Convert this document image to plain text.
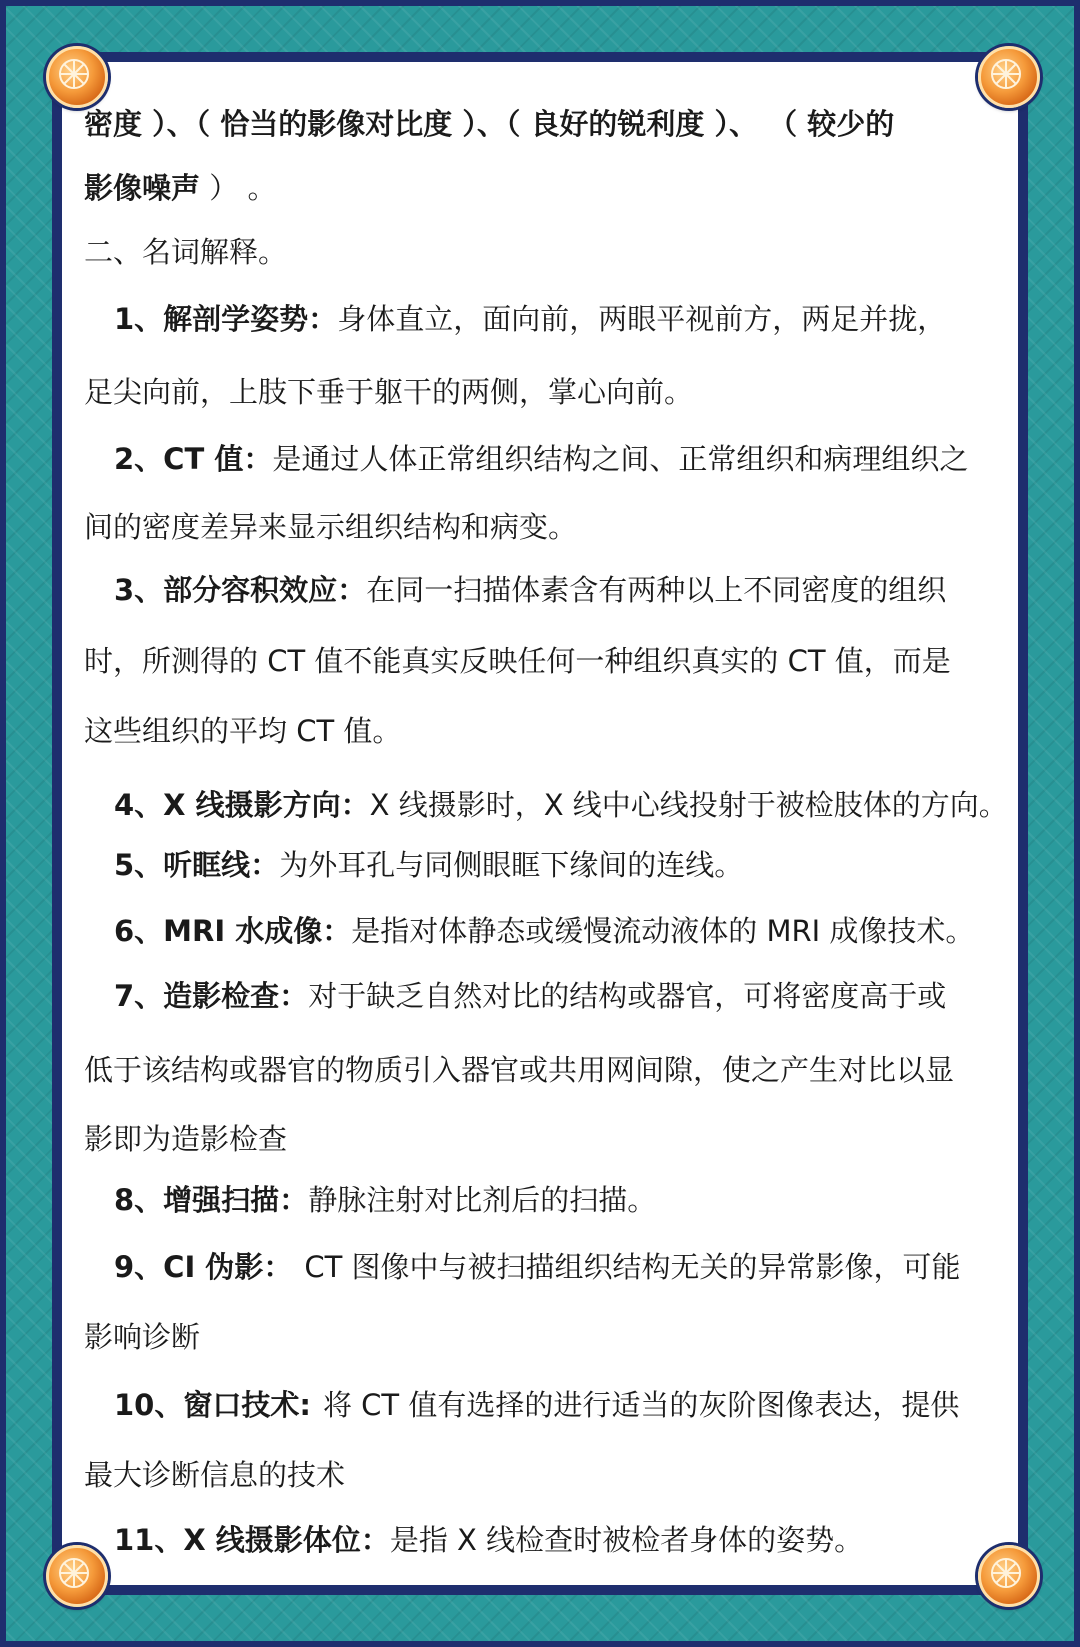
密度 ）、（ 恰当的影像对比度 ）、（ 良好的锐利度 ）、 （ 较少的

影像噪声 ） 。

二、名词解释。

1、解剖学姿势：身体直立，面向前，两眼平视前方，两足并拢，

足尖向前，上肢下垂于躯干的两侧，掌心向前。

2、CT 值：是通过人体正常组织结构之间、正常组织和病理组织之

间的密度差异来显示组织结构和病变。

3、部分容积效应：在同一扫描体素含有两种以上不同密度的组织

时，所测得的 CT 值不能真实反映任何一种组织真实的 CT 值，而是

这些组织的平均 CT 值。

4、X 线摄影方向：X 线摄影时，X 线中心线投射于被检肢体的方向。

5、听眶线：为外耳孔与同侧眼眶下缘间的连线。

6、MRI 水成像：是指对体静态或缓慢流动液体的 MRI 成像技术。

7、造影检查：对于缺乏自然对比的结构或器官，可将密度高于或

低于该结构或器官的物质引入器官或共用网间隙，使之产生对比以显

影即为造影检查

8、增强扫描：静脉注射对比剂后的扫描。

9、CI 伪影： CT 图像中与被扫描组织结构无关的异常影像，可能

影响诊断

10、窗口技术: 将 CT 值有选择的进行适当的灰阶图像表达，提供

最大诊断信息的技术

11、X 线摄影体位：是指 X 线检查时被检者身体的姿势。
